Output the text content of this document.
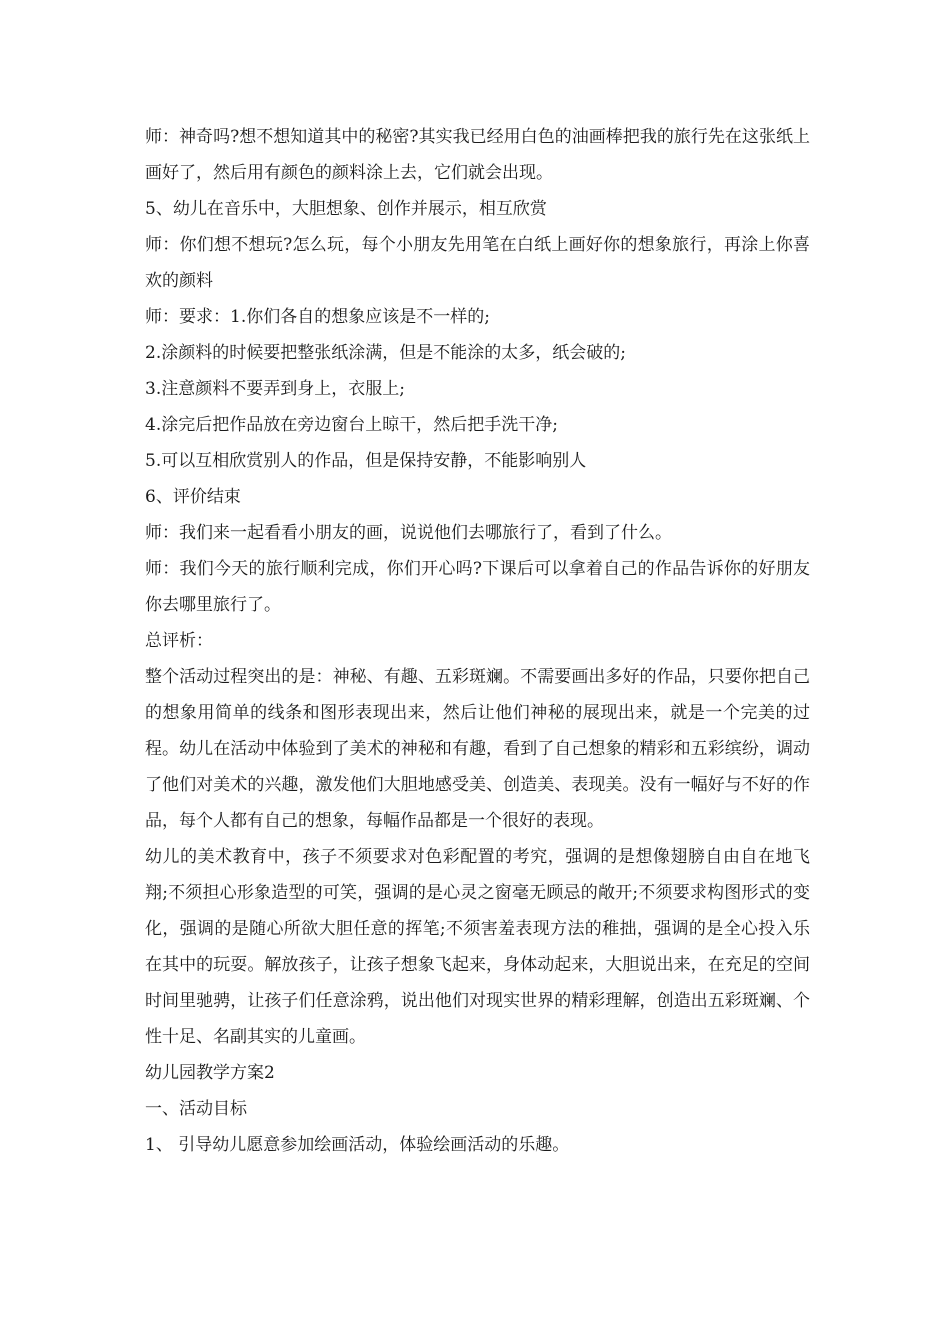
师：神奇吗?想不想知道其中的秘密?其实我已经用白色的油画棒把我的旅行先在这张纸上画好了，然后用有颜色的颜料涂上去，它们就会出现。

5、幼儿在音乐中，大胆想象、创作并展示，相互欣赏

师：你们想不想玩?怎么玩，每个小朋友先用笔在白纸上画好你的想象旅行，再涂上你喜欢的颜料

师：要求：1.你们各自的想象应该是不一样的;

2.涂颜料的时候要把整张纸涂满，但是不能涂的太多，纸会破的;

3.注意颜料不要弄到身上，衣服上;

4.涂完后把作品放在旁边窗台上晾干，然后把手洗干净;

5.可以互相欣赏别人的作品，但是保持安静，不能影响别人

6、评价结束

师：我们来一起看看小朋友的画，说说他们去哪旅行了，看到了什么。

师：我们今天的旅行顺利完成，你们开心吗?下课后可以拿着自己的作品告诉你的好朋友你去哪里旅行了。

总评析：

整个活动过程突出的是：神秘、有趣、五彩斑斓。不需要画出多好的作品，只要你把自己的想象用简单的线条和图形表现出来，然后让他们神秘的展现出来，就是一个完美的过程。幼儿在活动中体验到了美术的神秘和有趣，看到了自己想象的精彩和五彩缤纷，调动了他们对美术的兴趣，激发他们大胆地感受美、创造美、表现美。没有一幅好与不好的作品，每个人都有自己的想象，每幅作品都是一个很好的表现。

幼儿的美术教育中，孩子不须要求对色彩配置的考究，强调的是想像翅膀自由自在地飞翔;不须担心形象造型的可笑，强调的是心灵之窗毫无顾忌的敞开;不须要求构图形式的变化，强调的是随心所欲大胆任意的挥笔;不须害羞表现方法的稚拙，强调的是全心投入乐在其中的玩耍。解放孩子，让孩子想象飞起来，身体动起来，大胆说出来，在充足的空间时间里驰骋，让孩子们任意涂鸦，说出他们对现实世界的精彩理解，创造出五彩斑斓、个性十足、名副其实的儿童画。

幼儿园教学方案2

一、活动目标

1、 引导幼儿愿意参加绘画活动，体验绘画活动的乐趣。
